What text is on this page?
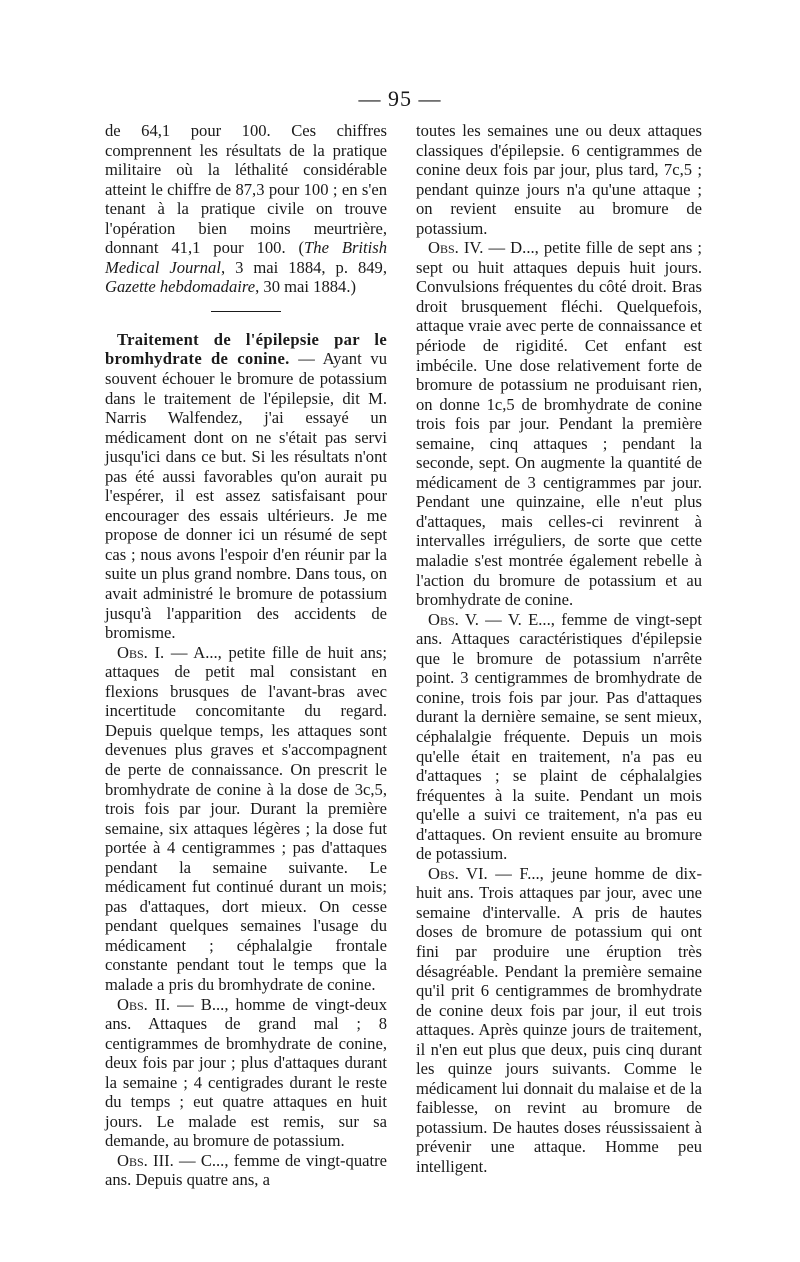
— 95 —

de 64,1 pour 100. Ces chiffres comprennent les résultats de la pratique militaire où la léthalité considérable atteint le chiffre de 87,3 pour 100 ; en s'en tenant à la pratique civile on trouve l'opération bien moins meurtrière, donnant 41,1 pour 100. (The British Medical Journal, 3 mai 1884, p. 849, Gazette hebdomadaire, 30 mai 1884.)

Traitement de l'épilepsie par le bromhydrate de conine. — Ayant vu souvent échouer le bromure de potassium dans le traitement de l'épilepsie, dit M. Narris Walfendez, j'ai essayé un médicament dont on ne s'était pas servi jusqu'ici dans ce but. Si les résultats n'ont pas été aussi favorables qu'on aurait pu l'espérer, il est assez satisfaisant pour encourager des essais ultérieurs. Je me propose de donner ici un résumé de sept cas ; nous avons l'espoir d'en réunir par la suite un plus grand nombre. Dans tous, on avait administré le bromure de potassium jusqu'à l'apparition des accidents de bromisme.

Obs. I. — A..., petite fille de huit ans; attaques de petit mal consistant en flexions brusques de l'avant-bras avec incertitude concomitante du regard. Depuis quelque temps, les attaques sont devenues plus graves et s'accompagnent de perte de connaissance. On prescrit le bromhydrate de conine à la dose de 3c,5, trois fois par jour. Durant la première semaine, six attaques légères ; la dose fut portée à 4 centigrammes ; pas d'attaques pendant la semaine suivante. Le médicament fut continué durant un mois; pas d'attaques, dort mieux. On cesse pendant quelques semaines l'usage du médicament ; céphalalgie frontale constante pendant tout le temps que la malade a pris du bromhydrate de conine.

Obs. II. — B..., homme de vingt-deux ans. Attaques de grand mal ; 8 centigrammes de bromhydrate de conine, deux fois par jour ; plus d'attaques durant la semaine ; 4 centigrades durant le reste du temps ; eut quatre attaques en huit jours. Le malade est remis, sur sa demande, au bromure de potassium.

Obs. III. — C..., femme de vingt-quatre ans. Depuis quatre ans, a

toutes les semaines une ou deux attaques classiques d'épilepsie. 6 centigrammes de conine deux fois par jour, plus tard, 7c,5 ; pendant quinze jours n'a qu'une attaque ; on revient ensuite au bromure de potassium.

Obs. IV. — D..., petite fille de sept ans ; sept ou huit attaques depuis huit jours. Convulsions fréquentes du côté droit. Bras droit brusquement fléchi. Quelquefois, attaque vraie avec perte de connaissance et période de rigidité. Cet enfant est imbécile. Une dose relativement forte de bromure de potassium ne produisant rien, on donne 1c,5 de bromhydrate de conine trois fois par jour. Pendant la première semaine, cinq attaques ; pendant la seconde, sept. On augmente la quantité de médicament de 3 centigrammes par jour. Pendant une quinzaine, elle n'eut plus d'attaques, mais celles-ci revinrent à intervalles irréguliers, de sorte que cette maladie s'est montrée également rebelle à l'action du bromure de potassium et au bromhydrate de conine.

Obs. V. — V. E..., femme de vingt-sept ans. Attaques caractéristiques d'épilepsie que le bromure de potassium n'arrête point. 3 centigrammes de bromhydrate de conine, trois fois par jour. Pas d'attaques durant la dernière semaine, se sent mieux, céphalalgie fréquente. Depuis un mois qu'elle était en traitement, n'a pas eu d'attaques ; se plaint de céphalalgies fréquentes à la suite. Pendant un mois qu'elle a suivi ce traitement, n'a pas eu d'attaques. On revient ensuite au bromure de potassium.

Obs. VI. — F..., jeune homme de dix-huit ans. Trois attaques par jour, avec une semaine d'intervalle. A pris de hautes doses de bromure de potassium qui ont fini par produire une éruption très désagréable. Pendant la première semaine qu'il prit 6 centigrammes de bromhydrate de conine deux fois par jour, il eut trois attaques. Après quinze jours de traitement, il n'en eut plus que deux, puis cinq durant les quinze jours suivants. Comme le médicament lui donnait du malaise et de la faiblesse, on revint au bromure de potassium. De hautes doses réussissaient à prévenir une attaque. Homme peu intelligent.
